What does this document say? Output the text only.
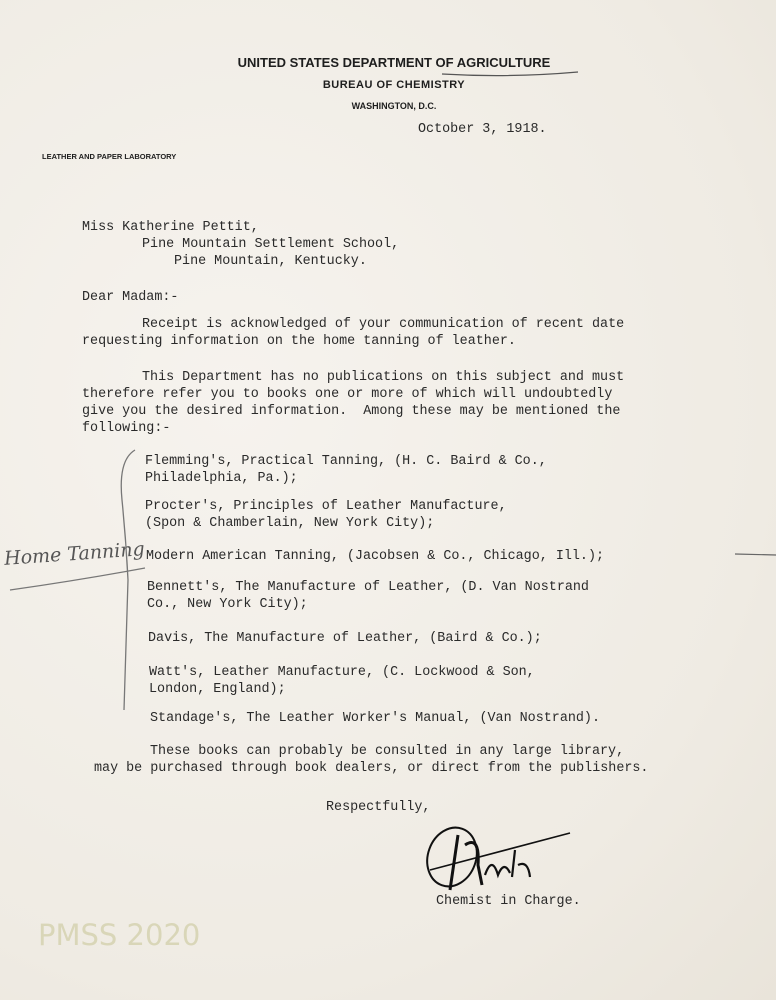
UNITED STATES DEPARTMENT OF AGRICULTURE
BUREAU OF CHEMISTRY
WASHINGTON, D.C.
LEATHER AND PAPER LABORATORY
October 3, 1918.
Miss Katherine Pettit,
Pine Mountain Settlement School,
Pine Mountain, Kentucky.
Dear Madam:-
Receipt is acknowledged of your communication of recent date
requesting information on the home tanning of leather.
This Department has no publications on this subject and must
therefore refer you to books one or more of which will undoubtedly
give you the desired information.  Among these may be mentioned the
following:-
Flemming's, Practical Tanning, (H. C. Baird & Co.,
Philadelphia, Pa.);
Procter's, Principles of Leather Manufacture,
(Spon & Chamberlain, New York City);
Modern American Tanning, (Jacobsen & Co., Chicago, Ill.);
Bennett's, The Manufacture of Leather, (D. Van Nostrand
Co., New York City);
Davis, The Manufacture of Leather, (Baird & Co.);
Watt's, Leather Manufacture, (C. Lockwood & Son,
London, England);
Standage's, The Leather Worker's Manual, (Van Nostrand).
Home Tanning
These books can probably be consulted in any large library,
may be purchased through book dealers, or direct from the publishers.
Respectfully,
Chemist in Charge.
PMSS 2020
